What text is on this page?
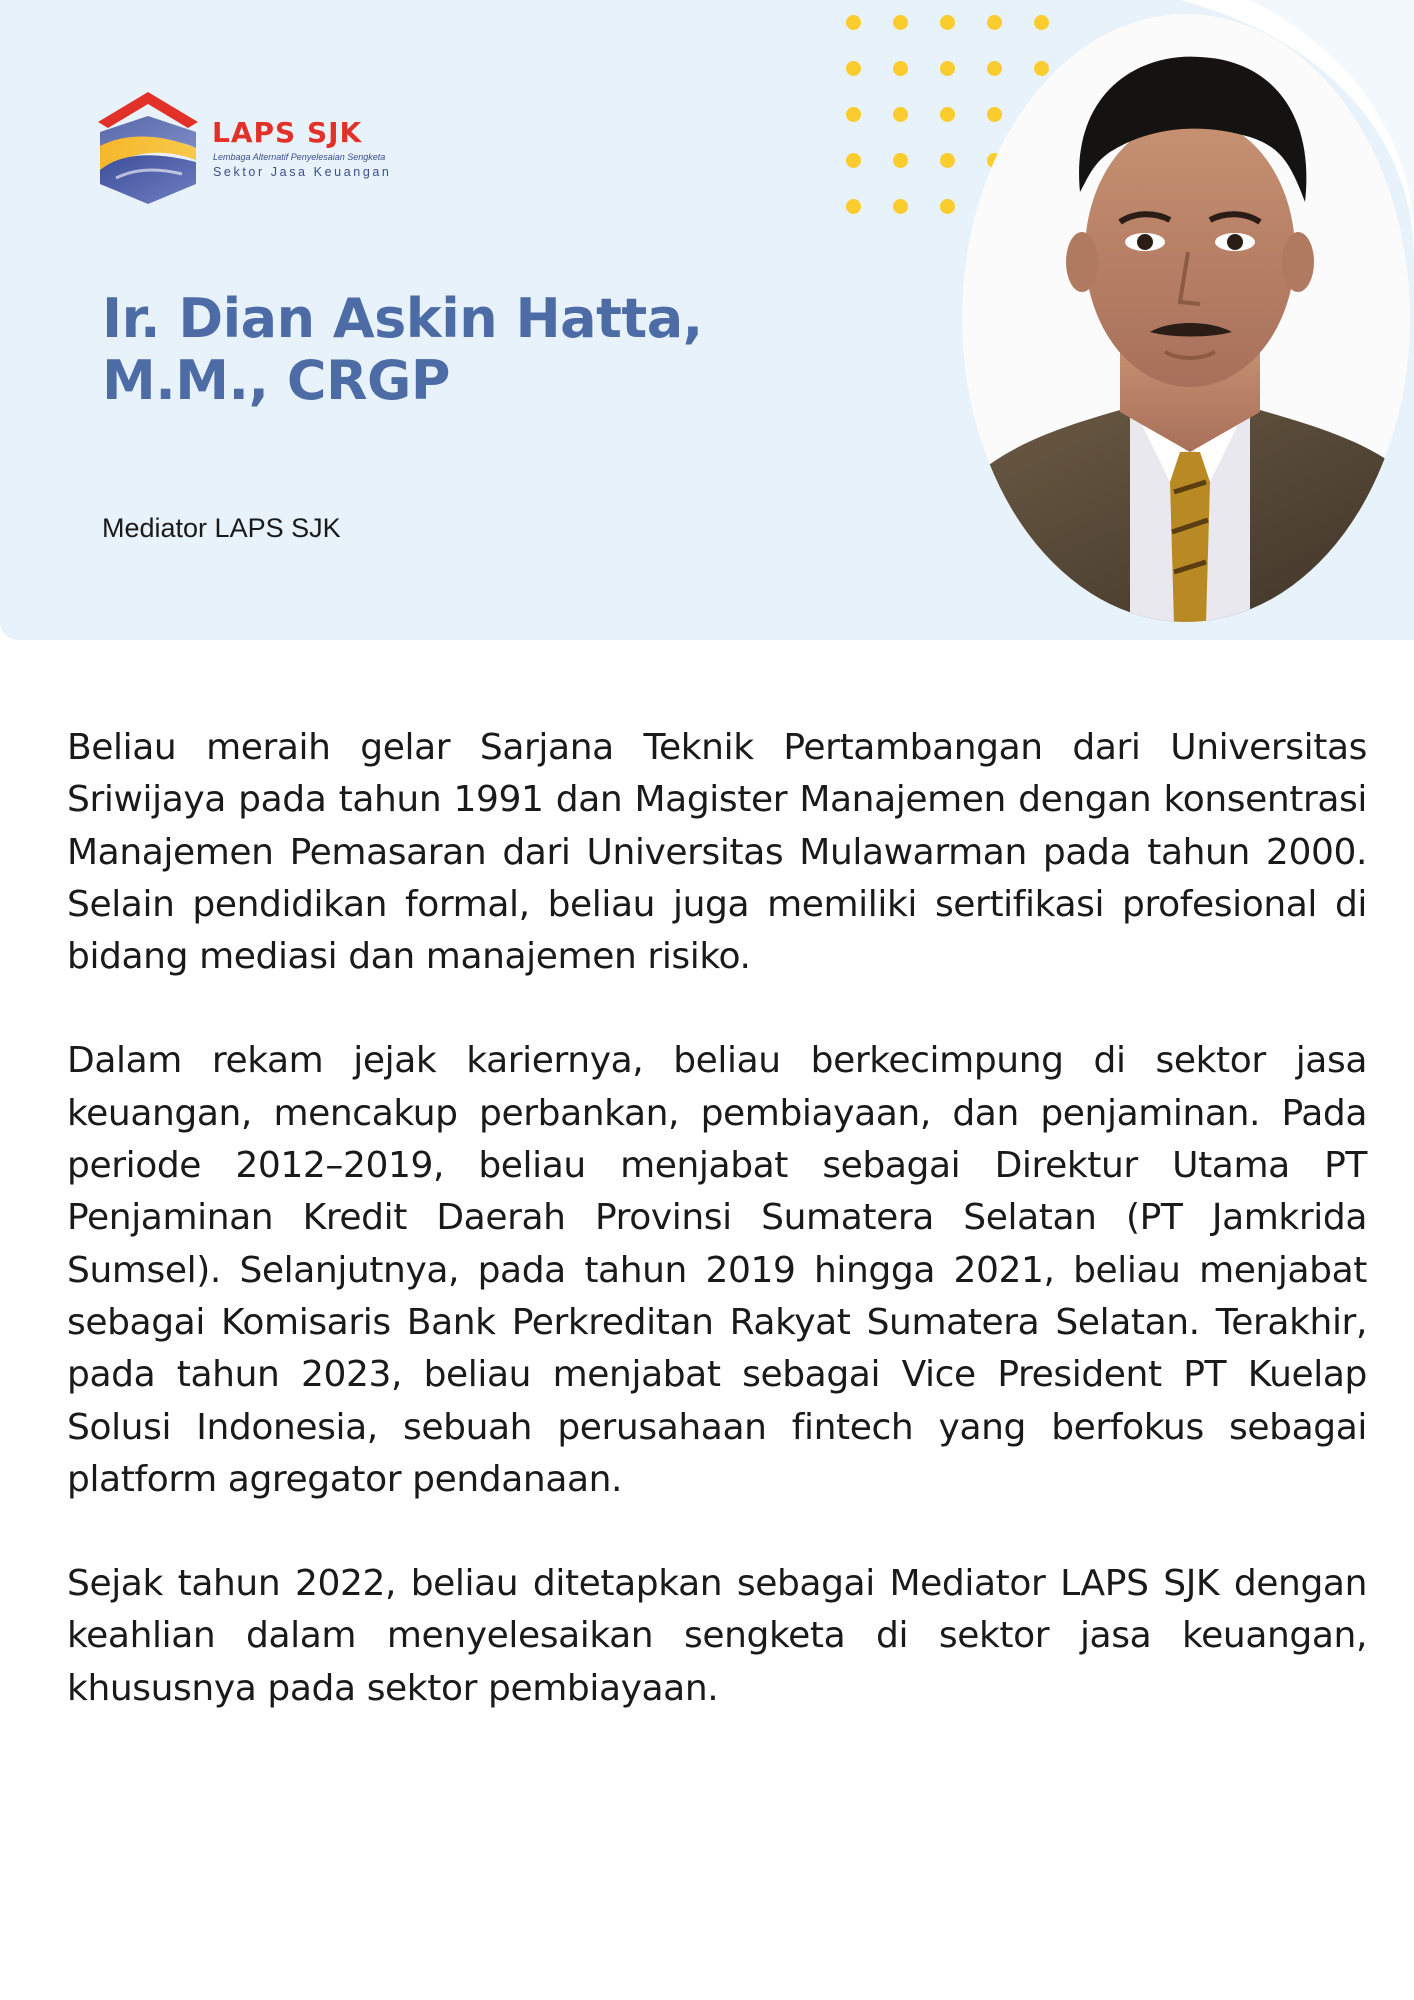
LAPS SJK
Lembaga Alternatif Penyelesaian Sengketa
Sektor Jasa Keuangan
Ir. Dian Askin Hatta, M.M., CRGP
Mediator LAPS SJK

Beliau meraih gelar Sarjana Teknik Pertambangan dari Universitas Sriwijaya pada tahun 1991 dan Magister Manajemen dengan konsentrasi Manajemen Pemasaran dari Universitas Mulawarman pada tahun 2000. Selain pendidikan formal, beliau juga memiliki sertifikasi profesional di bidang mediasi dan manajemen risiko.

Dalam rekam jejak kariernya, beliau berkecimpung di sektor jasa keuangan, mencakup perbankan, pembiayaan, dan penjaminan. Pada periode 2012–2019, beliau menjabat sebagai Direktur Utama PT Penjaminan Kredit Daerah Provinsi Sumatera Selatan (PT Jamkrida Sumsel). Selanjutnya, pada tahun 2019 hingga 2021, beliau menjabat sebagai Komisaris Bank Perkreditan Rakyat Sumatera Selatan. Terakhir, pada tahun 2023, beliau menjabat sebagai Vice President PT Kuelap Solusi Indonesia, sebuah perusahaan fintech yang berfokus sebagai platform agregator pendanaan.

Sejak tahun 2022, beliau ditetapkan sebagai Mediator LAPS SJK dengan keahlian dalam menyelesaikan sengketa di sektor jasa keuangan, khususnya pada sektor pembiayaan.
